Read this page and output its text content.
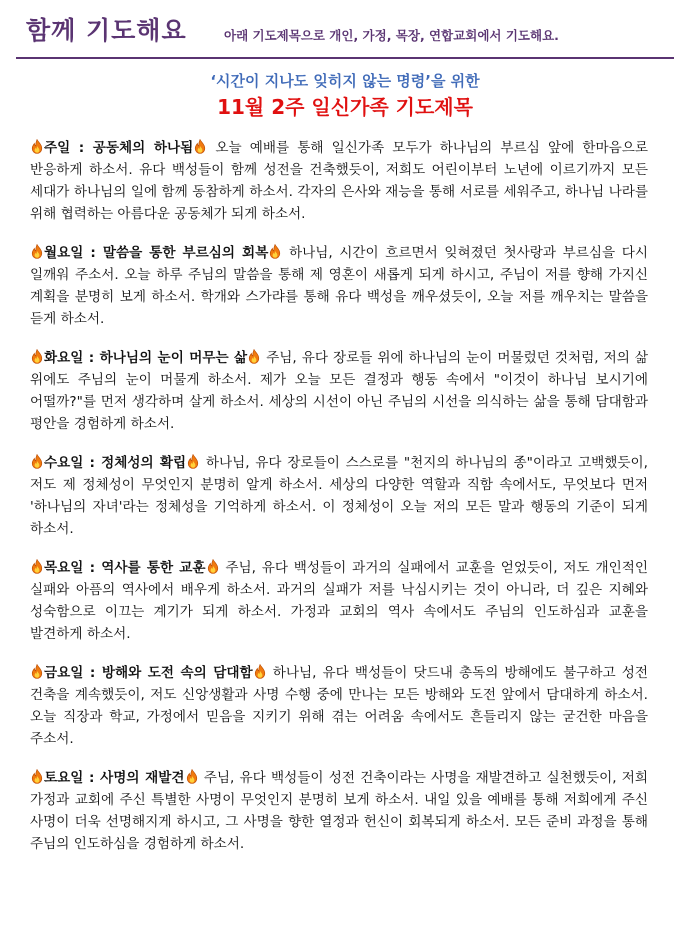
함께 기도해요	아래 기도제목으로 개인, 가정, 목장, 연합교회에서 기도해요.
‘시간이 지나도 잊히지 않는 명령’을 위한
11월 2주 일신가족 기도제목

주일 : 공동체의 하나됨 오늘 예배를 통해 일신가족 모두가 하나님의 부르심 앞에 한마음으로 반응하게 하소서. 유다 백성들이 함께 성전을 건축했듯이, 저희도 어린이부터 노년에 이르기까지 모든 세대가 하나님의 일에 함께 동참하게 하소서. 각자의 은사와 재능을 통해 서로를 세워주고, 하나님 나라를 위해 협력하는 아름다운 공동체가 되게 하소서.

월요일 : 말씀을 통한 부르심의 회복 하나님, 시간이 흐르면서 잊혀졌던 첫사랑과 부르심을 다시 일깨워 주소서. 오늘 하루 주님의 말씀을 통해 제 영혼이 새롭게 되게 하시고, 주님이 저를 향해 가지신 계획을 분명히 보게 하소서. 학개와 스가랴를 통해 유다 백성을 깨우셨듯이, 오늘 저를 깨우치는 말씀을 듣게 하소서.

화요일 : 하나님의 눈이 머무는 삶 주님, 유다 장로들 위에 하나님의 눈이 머물렀던 것처럼, 저의 삶 위에도 주님의 눈이 머물게 하소서. 제가 오늘 모든 결정과 행동 속에서 "이것이 하나님 보시기에 어떨까?"를 먼저 생각하며 살게 하소서. 세상의 시선이 아닌 주님의 시선을 의식하는 삶을 통해 담대함과 평안을 경험하게 하소서.

수요일 : 정체성의 확립 하나님, 유다 장로들이 스스로를 "천지의 하나님의 종"이라고 고백했듯이, 저도 제 정체성이 무엇인지 분명히 알게 하소서. 세상의 다양한 역할과 직함 속에서도, 무엇보다 먼저 '하나님의 자녀'라는 정체성을 기억하게 하소서. 이 정체성이 오늘 저의 모든 말과 행동의 기준이 되게 하소서.

목요일 : 역사를 통한 교훈 주님, 유다 백성들이 과거의 실패에서 교훈을 얻었듯이, 저도 개인적인 실패와 아픔의 역사에서 배우게 하소서. 과거의 실패가 저를 낙심시키는 것이 아니라, 더 깊은 지혜와 성숙함으로 이끄는 계기가 되게 하소서. 가정과 교회의 역사 속에서도 주님의 인도하심과 교훈을 발견하게 하소서.

금요일 : 방해와 도전 속의 담대함 하나님, 유다 백성들이 닷드내 총독의 방해에도 불구하고 성전 건축을 계속했듯이, 저도 신앙생활과 사명 수행 중에 만나는 모든 방해와 도전 앞에서 담대하게 하소서. 오늘 직장과 학교, 가정에서 믿음을 지키기 위해 겪는 어려움 속에서도 흔들리지 않는 굳건한 마음을 주소서.

토요일 : 사명의 재발견 주님, 유다 백성들이 성전 건축이라는 사명을 재발견하고 실천했듯이, 저희 가정과 교회에 주신 특별한 사명이 무엇인지 분명히 보게 하소서. 내일 있을 예배를 통해 저희에게 주신 사명이 더욱 선명해지게 하시고, 그 사명을 향한 열정과 헌신이 회복되게 하소서. 모든 준비 과정을 통해 주님의 인도하심을 경험하게 하소서.
